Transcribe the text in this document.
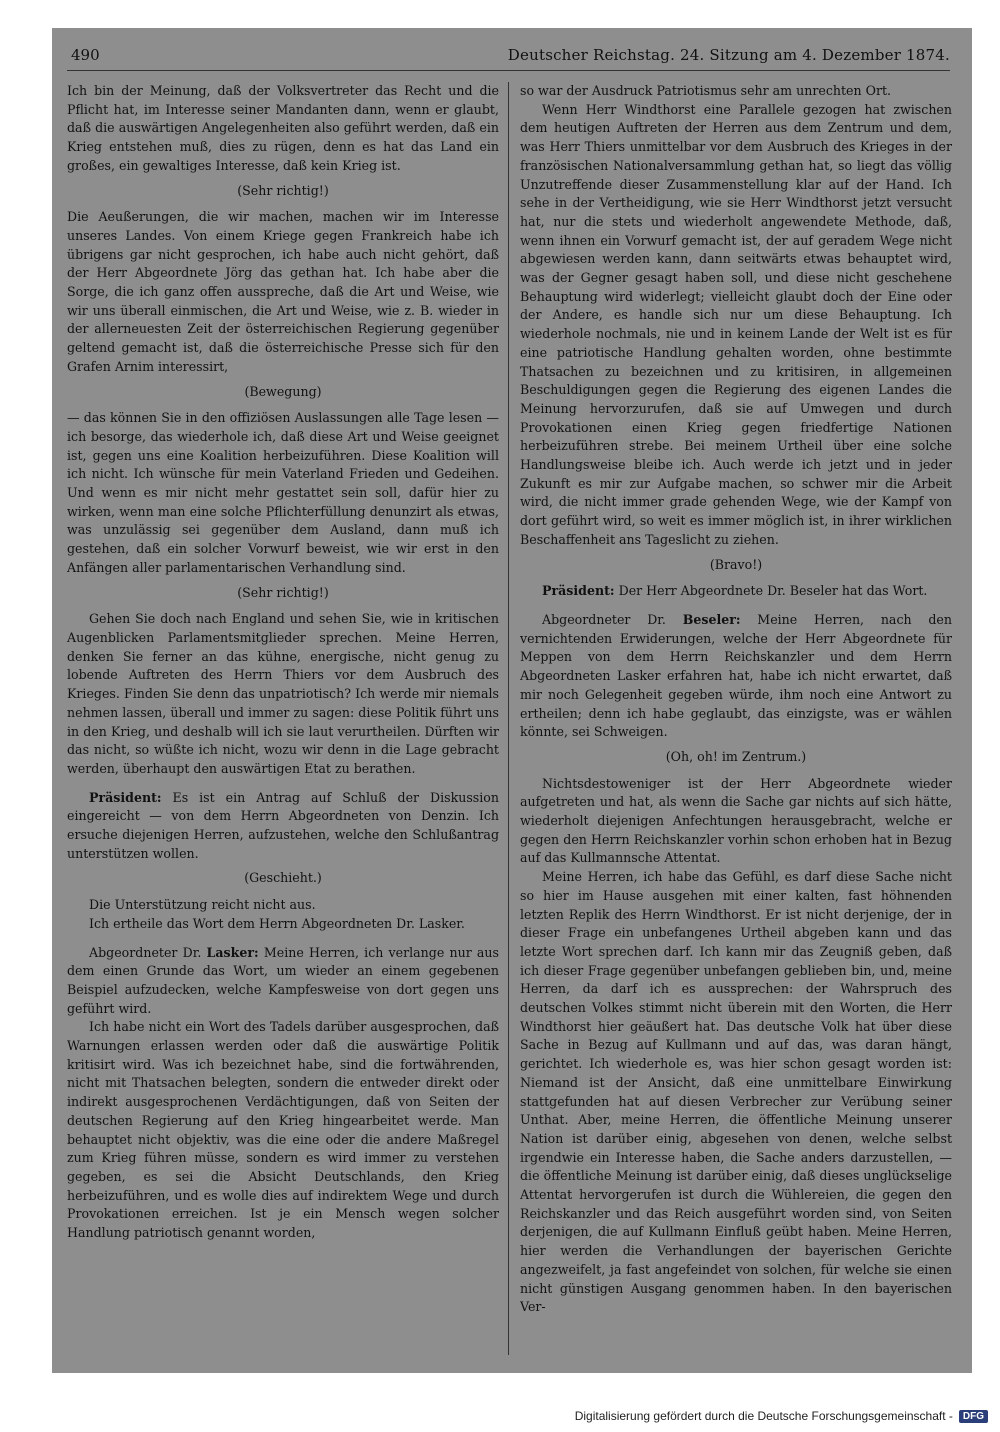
490	Deutscher Reichstag. 24. Sitzung am 4. Dezember 1874.

Ich bin der Meinung, daß der Volksvertreter das Recht und die Pflicht hat, im Interesse seiner Mandanten dann, wenn er glaubt, daß die auswärtigen Angelegenheiten also geführt werden, daß ein Krieg entstehen muß, dies zu rügen, denn es hat das Land ein großes, ein gewaltiges Interesse, daß kein Krieg ist.

(Sehr richtig!)

Die Aeußerungen, die wir machen, machen wir im Interesse unseres Landes. Von einem Kriege gegen Frankreich habe ich übrigens gar nicht gesprochen, ich habe auch nicht gehört, daß der Herr Abgeordnete Jörg das gethan hat. Ich habe aber die Sorge, die ich ganz offen ausspreche, daß die Art und Weise, wie wir uns überall einmischen, die Art und Weise, wie z. B. wieder in der allerneuesten Zeit der österreichischen Regierung gegenüber geltend gemacht ist, daß die österreichische Presse sich für den Grafen Arnim interessirt,

(Bewegung)

— das können Sie in den offiziösen Auslassungen alle Tage lesen — ich besorge, das wiederhole ich, daß diese Art und Weise geeignet ist, gegen uns eine Koalition herbeizuführen. Diese Koalition will ich nicht. Ich wünsche für mein Vaterland Frieden und Gedeihen. Und wenn es mir nicht mehr gestattet sein soll, dafür hier zu wirken, wenn man eine solche Pflichterfüllung denunzirt als etwas, was unzulässig sei gegenüber dem Ausland, dann muß ich gestehen, daß ein solcher Vorwurf beweist, wie wir erst in den Anfängen aller parlamentarischen Verhandlung sind.

(Sehr richtig!)

Gehen Sie doch nach England und sehen Sie, wie in kritischen Augenblicken Parlamentsmitglieder sprechen. Meine Herren, denken Sie ferner an das kühne, energische, nicht genug zu lobende Auftreten des Herrn Thiers vor dem Ausbruch des Krieges. Finden Sie denn das unpatriotisch? Ich werde mir niemals nehmen lassen, überall und immer zu sagen: diese Politik führt uns in den Krieg, und deshalb will ich sie laut verurtheilen. Dürften wir das nicht, so wüßte ich nicht, wozu wir denn in die Lage gebracht werden, überhaupt den auswärtigen Etat zu berathen.

Präsident: Es ist ein Antrag auf Schluß der Diskussion eingereicht — von dem Herrn Abgeordneten von Denzin. Ich ersuche diejenigen Herren, aufzustehen, welche den Schlußantrag unterstützen wollen.

(Geschieht.)

Die Unterstützung reicht nicht aus.

Ich ertheile das Wort dem Herrn Abgeordneten Dr. Lasker.

Abgeordneter Dr. Lasker: Meine Herren, ich verlange nur aus dem einen Grunde das Wort, um wieder an einem gegebenen Beispiel aufzudecken, welche Kampfesweise von dort gegen uns geführt wird.

Ich habe nicht ein Wort des Tadels darüber ausgesprochen, daß Warnungen erlassen werden oder daß die auswärtige Politik kritisirt wird. Was ich bezeichnet habe, sind die fortwährenden, nicht mit Thatsachen belegten, sondern die entweder direkt oder indirekt ausgesprochenen Verdächtigungen, daß von Seiten der deutschen Regierung auf den Krieg hingearbeitet werde. Man behauptet nicht objektiv, was die eine oder die andere Maßregel zum Krieg führen müsse, sondern es wird immer zu verstehen gegeben, es sei die Absicht Deutschlands, den Krieg herbeizuführen, und es wolle dies auf indirektem Wege und durch Provokationen erreichen. Ist je ein Mensch wegen solcher Handlung patriotisch genannt worden,

so war der Ausdruck Patriotismus sehr am unrechten Ort.

Wenn Herr Windthorst eine Parallele gezogen hat zwischen dem heutigen Auftreten der Herren aus dem Zentrum und dem, was Herr Thiers unmittelbar vor dem Ausbruch des Krieges in der französischen Nationalversammlung gethan hat, so liegt das völlig Unzutreffende dieser Zusammenstellung klar auf der Hand. Ich sehe in der Vertheidigung, wie sie Herr Windthorst jetzt versucht hat, nur die stets und wiederholt angewendete Methode, daß, wenn ihnen ein Vorwurf gemacht ist, der auf geradem Wege nicht abgewiesen werden kann, dann seitwärts etwas behauptet wird, was der Gegner gesagt haben soll, und diese nicht geschehene Behauptung wird widerlegt; vielleicht glaubt doch der Eine oder der Andere, es handle sich nur um diese Behauptung. Ich wiederhole nochmals, nie und in keinem Lande der Welt ist es für eine patriotische Handlung gehalten worden, ohne bestimmte Thatsachen zu bezeichnen und zu kritisiren, in allgemeinen Beschuldigungen gegen die Regierung des eigenen Landes die Meinung hervorzurufen, daß sie auf Umwegen und durch Provokationen einen Krieg gegen friedfertige Nationen herbeizuführen strebe. Bei meinem Urtheil über eine solche Handlungsweise bleibe ich. Auch werde ich jetzt und in jeder Zukunft es mir zur Aufgabe machen, so schwer mir die Arbeit wird, die nicht immer grade gehenden Wege, wie der Kampf von dort geführt wird, so weit es immer möglich ist, in ihrer wirklichen Beschaffenheit ans Tageslicht zu ziehen.

(Bravo!)

Präsident: Der Herr Abgeordnete Dr. Beseler hat das Wort.

Abgeordneter Dr. Beseler: Meine Herren, nach den vernichtenden Erwiderungen, welche der Herr Abgeordnete für Meppen von dem Herrn Reichskanzler und dem Herrn Abgeordneten Lasker erfahren hat, habe ich nicht erwartet, daß mir noch Gelegenheit gegeben würde, ihm noch eine Antwort zu ertheilen; denn ich habe geglaubt, das einzigste, was er wählen könnte, sei Schweigen.

(Oh, oh! im Zentrum.)

Nichtsdestoweniger ist der Herr Abgeordnete wieder aufgetreten und hat, als wenn die Sache gar nichts auf sich hätte, wiederholt diejenigen Anfechtungen herausgebracht, welche er gegen den Herrn Reichskanzler vorhin schon erhoben hat in Bezug auf das Kullmannsche Attentat.

Meine Herren, ich habe das Gefühl, es darf diese Sache nicht so hier im Hause ausgehen mit einer kalten, fast höhnenden letzten Replik des Herrn Windthorst. Er ist nicht derjenige, der in dieser Frage ein unbefangenes Urtheil abgeben kann und das letzte Wort sprechen darf. Ich kann mir das Zeugniß geben, daß ich dieser Frage gegenüber unbefangen geblieben bin, und, meine Herren, da darf ich es aussprechen: der Wahrspruch des deutschen Volkes stimmt nicht überein mit den Worten, die Herr Windthorst hier geäußert hat. Das deutsche Volk hat über diese Sache in Bezug auf Kullmann und auf das, was daran hängt, gerichtet. Ich wiederhole es, was hier schon gesagt worden ist: Niemand ist der Ansicht, daß eine unmittelbare Einwirkung stattgefunden hat auf diesen Verbrecher zur Verübung seiner Unthat. Aber, meine Herren, die öffentliche Meinung unserer Nation ist darüber einig, abgesehen von denen, welche selbst irgendwie ein Interesse haben, die Sache anders darzustellen, — die öffentliche Meinung ist darüber einig, daß dieses unglückselige Attentat hervorgerufen ist durch die Wühlereien, die gegen den Reichskanzler und das Reich ausgeführt worden sind, von Seiten derjenigen, die auf Kullmann Einfluß geübt haben. Meine Herren, hier werden die Verhandlungen der bayerischen Gerichte angezweifelt, ja fast angefeindet von solchen, für welche sie einen nicht günstigen Ausgang genommen haben. In den bayerischen Ver-

Digitalisierung gefördert durch die Deutsche Forschungsgemeinschaft -	DFG
